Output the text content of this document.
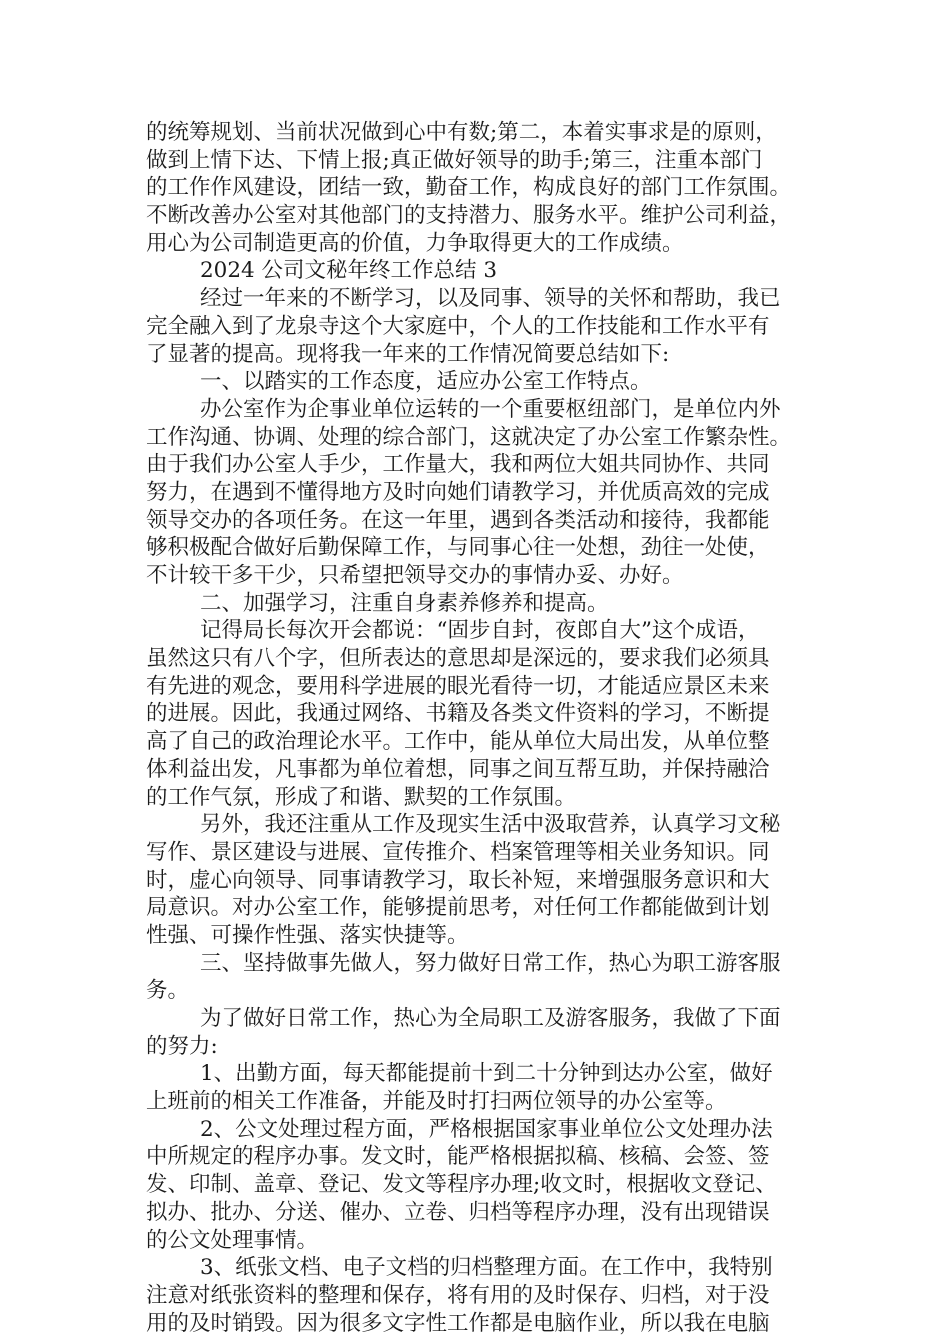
的统筹规划、当前状况做到心中有数;第二，本着实事求是的原则，
做到上情下达、下情上报;真正做好领导的助手;第三，注重本部门
的工作作风建设，团结一致，勤奋工作，构成良好的部门工作氛围。
不断改善办公室对其他部门的支持潜力、服务水平。维护公司利益，
用心为公司制造更高的价值，力争取得更大的工作成绩。
2024 公司文秘年终工作总结 3
经过一年来的不断学习，以及同事、领导的关怀和帮助，我已
完全融入到了龙泉寺这个大家庭中，个人的工作技能和工作水平有
了显著的提高。现将我一年来的工作情况简要总结如下:
一、以踏实的工作态度，适应办公室工作特点。
办公室作为企事业单位运转的一个重要枢纽部门，是单位内外
工作沟通、协调、处理的综合部门，这就决定了办公室工作繁杂性。
由于我们办公室人手少，工作量大，我和两位大姐共同协作、共同
努力，在遇到不懂得地方及时向她们请教学习，并优质高效的完成
领导交办的各项任务。在这一年里，遇到各类活动和接待，我都能
够积极配合做好后勤保障工作，与同事心往一处想，劲往一处使，
不计较干多干少，只希望把领导交办的事情办妥、办好。
二、加强学习，注重自身素养修养和提高。
记得局长每次开会都说：“固步自封，夜郎自大”这个成语，
虽然这只有八个字，但所表达的意思却是深远的，要求我们必须具
有先进的观念，要用科学进展的眼光看待一切，才能适应景区未来
的进展。因此，我通过网络、书籍及各类文件资料的学习，不断提
高了自己的政治理论水平。工作中，能从单位大局出发，从单位整
体利益出发，凡事都为单位着想，同事之间互帮互助，并保持融洽
的工作气氛，形成了和谐、默契的工作氛围。
另外，我还注重从工作及现实生活中汲取营养，认真学习文秘
写作、景区建设与进展、宣传推介、档案管理等相关业务知识。同
时，虚心向领导、同事请教学习，取长补短，来增强服务意识和大
局意识。对办公室工作，能够提前思考，对任何工作都能做到计划
性强、可操作性强、落实快捷等。
三、坚持做事先做人，努力做好日常工作，热心为职工游客服
务。
为了做好日常工作，热心为全局职工及游客服务，我做了下面
的努力:
1、出勤方面，每天都能提前十到二十分钟到达办公室，做好
上班前的相关工作准备，并能及时打扫两位领导的办公室等。
2、公文处理过程方面，严格根据国家事业单位公文处理办法
中所规定的程序办事。发文时，能严格根据拟稿、核稿、会签、签
发、印制、盖章、登记、发文等程序办理;收文时，根据收文登记、
拟办、批办、分送、催办、立卷、归档等程序办理，没有出现错误
的公文处理事情。
3、纸张文档、电子文档的归档整理方面。在工作中，我特别
注意对纸张资料的整理和保存，将有用的及时保存、归档，对于没
用的及时销毁。因为很多文字性工作都是电脑作业，所以我在电脑
